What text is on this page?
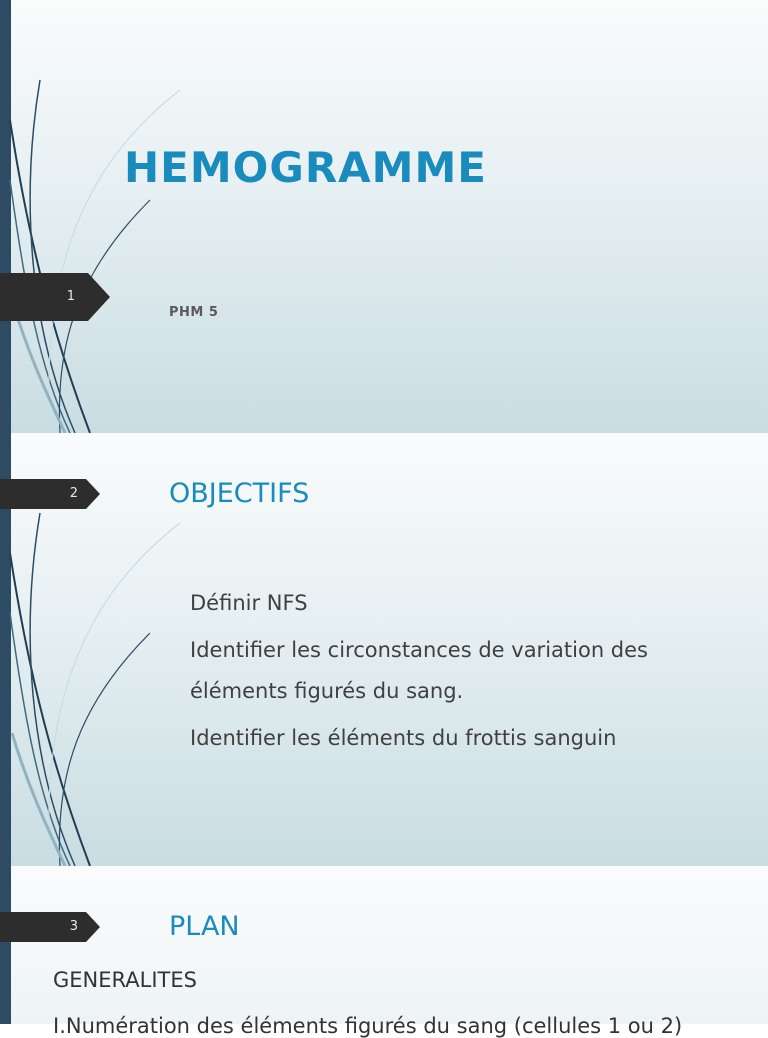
1
HEMOGRAMME
PHM 5
2	OBJECTIFS
Définir NFS
Identifier les circonstances de variation des éléments figurés du sang.
Identifier les éléments du frottis sanguin
3	PLAN
GENERALITES
I.Numération des éléments figurés du sang (cellules 1 ou 2)
